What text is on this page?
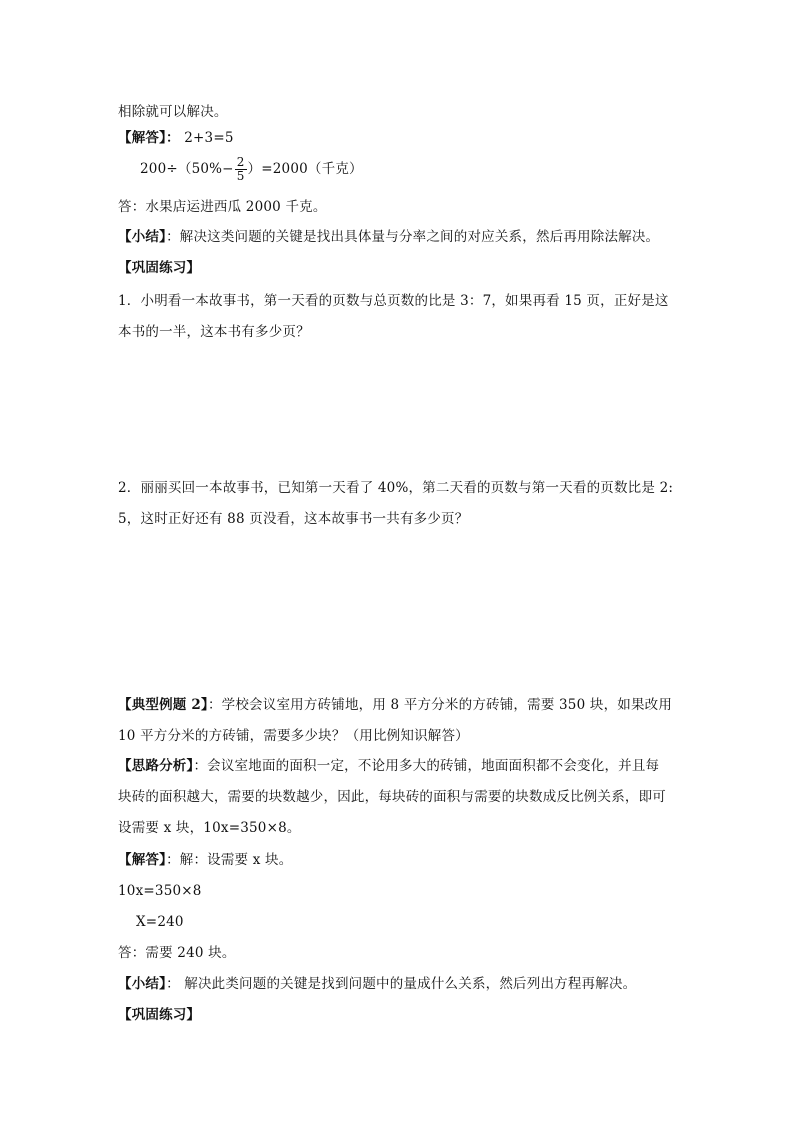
相除就可以解决。
【解答】： 2+3=5
$200\div(50\%- \frac{2}{5} )=2000$（千克）
答：水果店运进西瓜 2000 千克。
【小结】：解决这类问题的关键是找出具体量与分率之间的对应关系，然后再用除法解决。
【巩固练习】
1．小明看一本故事书，第一天看的页数与总页数的比是 3：7，如果再看 15 页，正好是这
本书的一半，这本书有多少页？
2．丽丽买回一本故事书，已知第一天看了 40%，第二天看的页数与第一天看的页数比是 2:
5，这时正好还有 88 页没看，这本故事书一共有多少页？
【典型例题 2】：学校会议室用方砖铺地，用 8 平方分米的方砖铺，需要 350 块，如果改用
10 平方分米的方砖铺，需要多少块？（用比例知识解答）
【思路分析】：会议室地面的面积一定，不论用多大的砖铺，地面面积都不会变化，并且每
块砖的面积越大，需要的块数越少，因此，每块砖的面积与需要的块数成反比例关系，即可
设需要 x 块，10x=350×8。
【解答】：解：设需要 x 块。
10x=350×8
X=240
答：需要 240 块。
【小结】： 解决此类问题的关键是找到问题中的量成什么关系，然后列出方程再解决。
【巩固练习】
